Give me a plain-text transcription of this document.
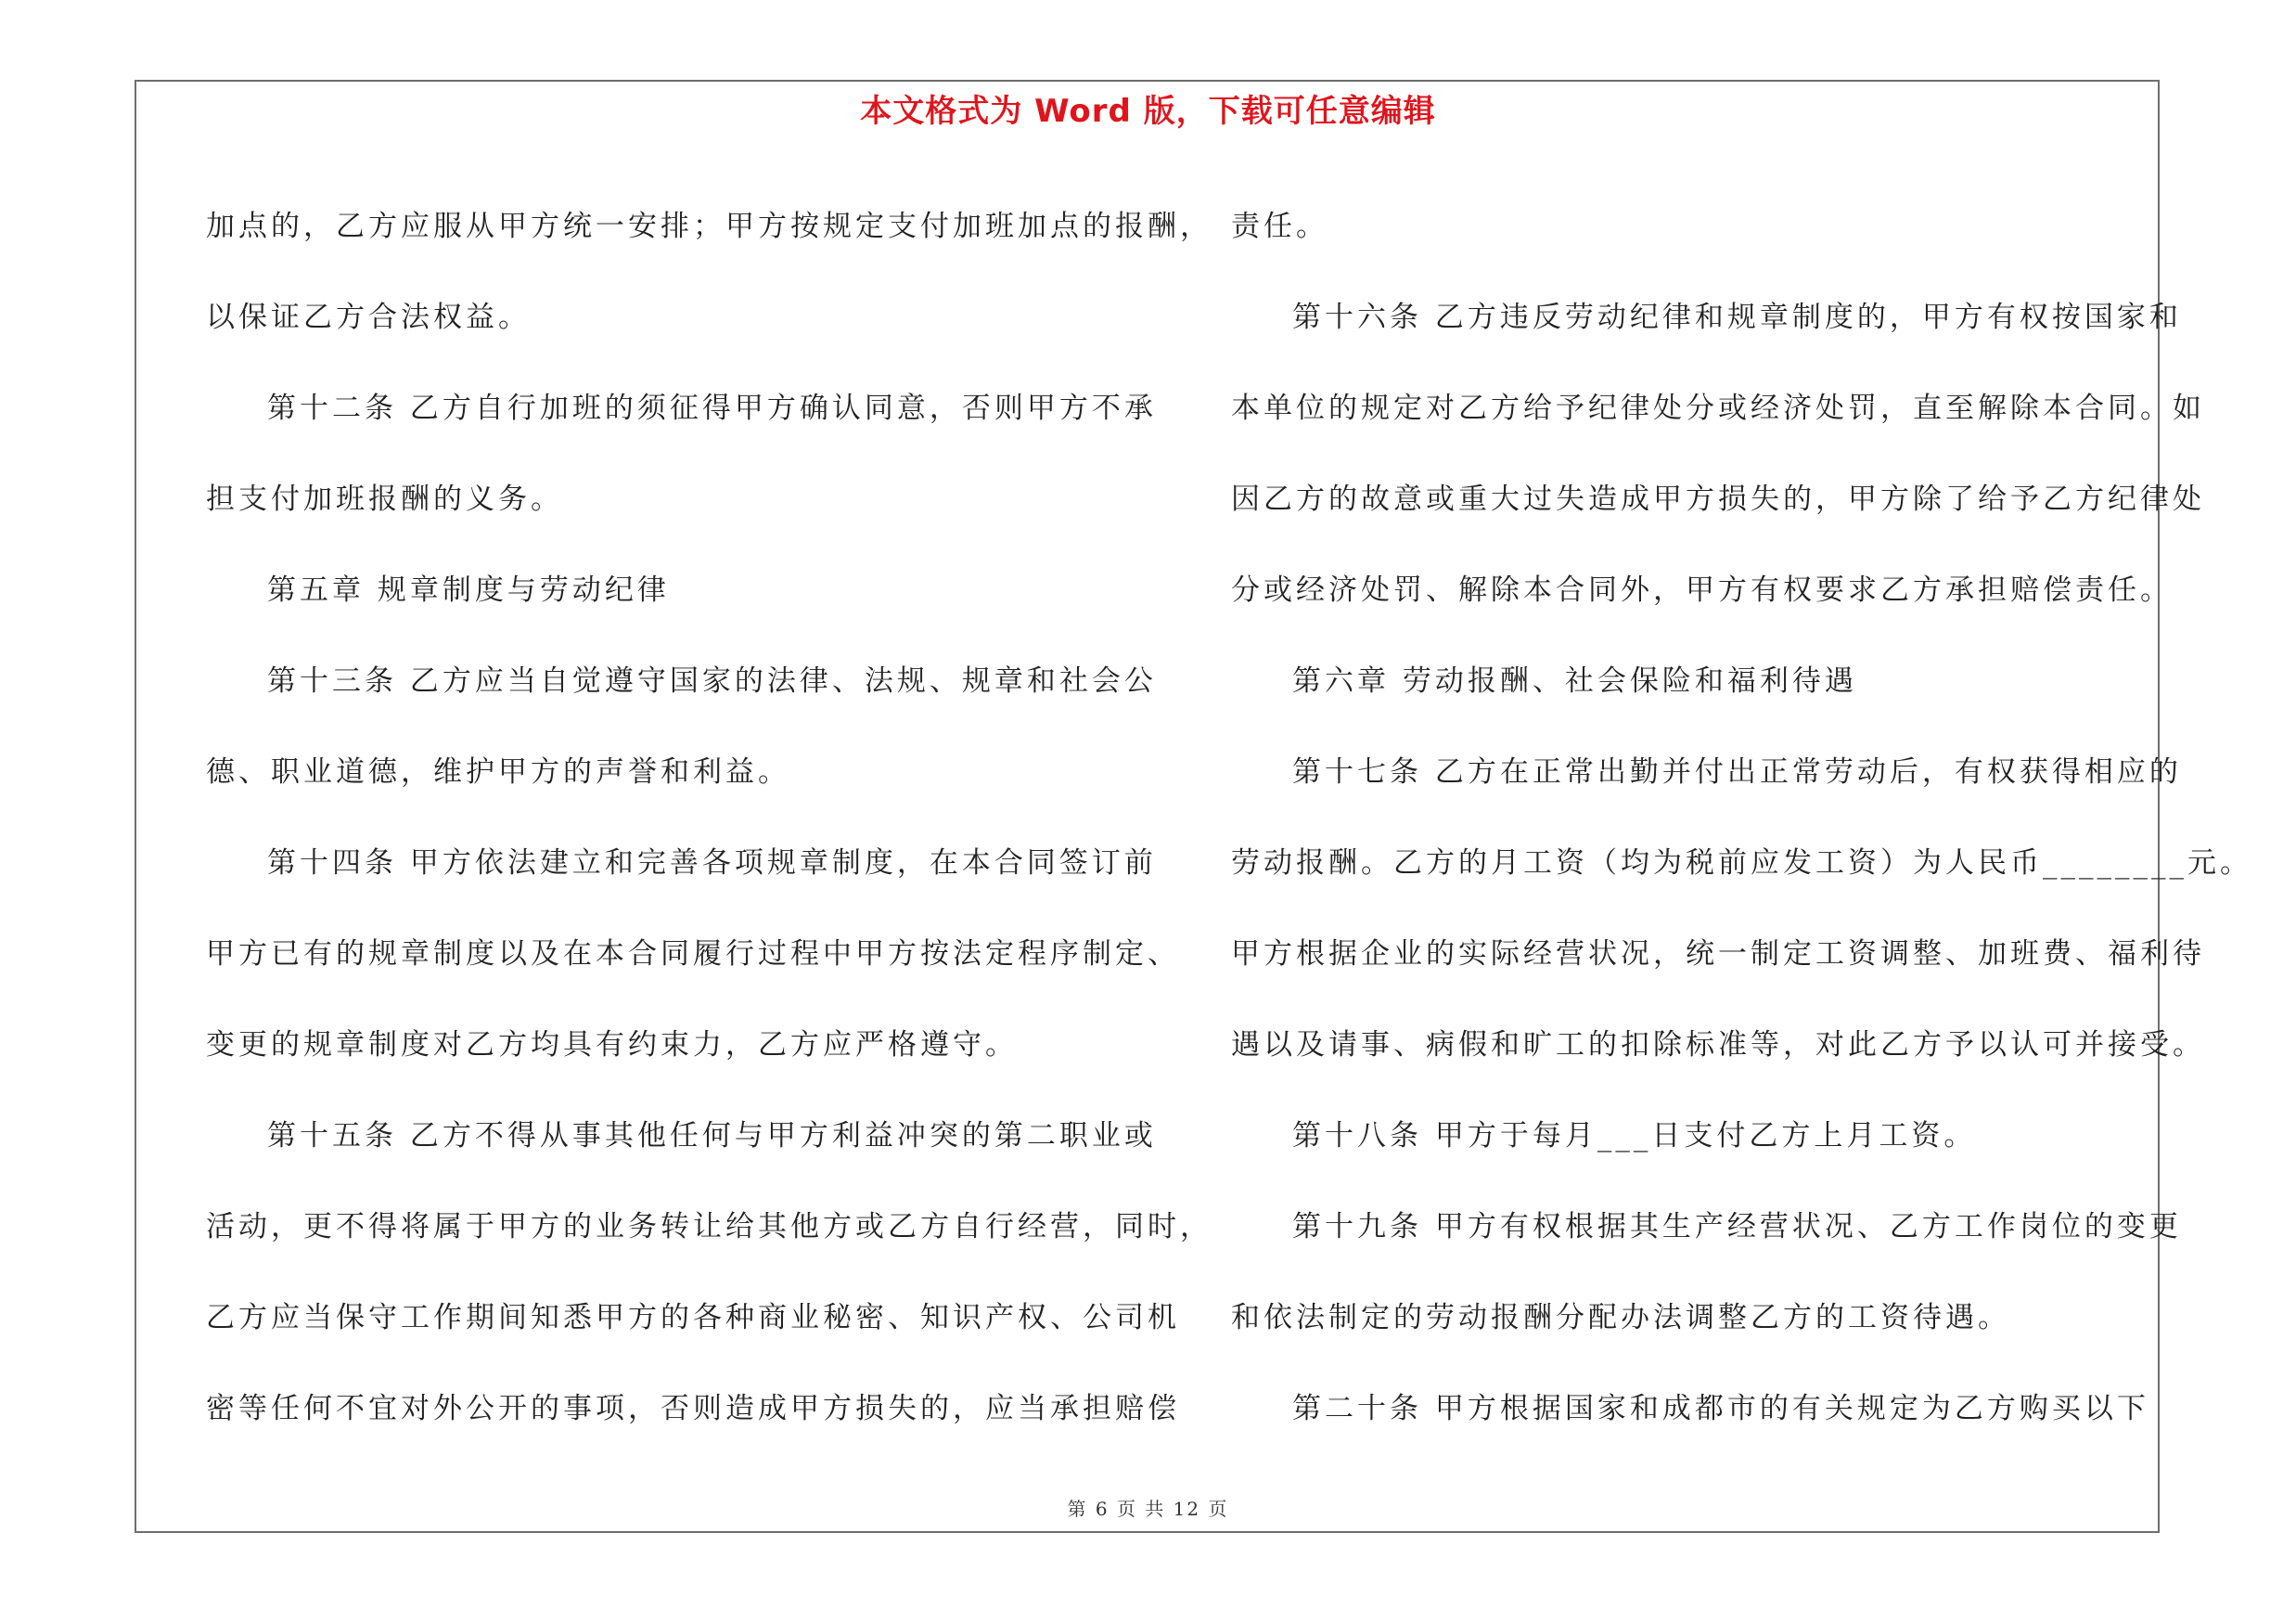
本文格式为 Word 版，下载可任意编辑
加点的，乙方应服从甲方统一安排；甲方按规定支付加班加点的报酬，
以保证乙方合法权益。
第十二条 乙方自行加班的须征得甲方确认同意，否则甲方不承
担支付加班报酬的义务。
第五章 规章制度与劳动纪律
第十三条 乙方应当自觉遵守国家的法律、法规、规章和社会公
德、职业道德，维护甲方的声誉和利益。
第十四条 甲方依法建立和完善各项规章制度，在本合同签订前
甲方已有的规章制度以及在本合同履行过程中甲方按法定程序制定、
变更的规章制度对乙方均具有约束力，乙方应严格遵守。
第十五条 乙方不得从事其他任何与甲方利益冲突的第二职业或
活动，更不得将属于甲方的业务转让给其他方或乙方自行经营，同时，
乙方应当保守工作期间知悉甲方的各种商业秘密、知识产权、公司机
密等任何不宜对外公开的事项，否则造成甲方损失的，应当承担赔偿
责任。
第十六条 乙方违反劳动纪律和规章制度的，甲方有权按国家和
本单位的规定对乙方给予纪律处分或经济处罚，直至解除本合同。如
因乙方的故意或重大过失造成甲方损失的，甲方除了给予乙方纪律处
分或经济处罚、解除本合同外，甲方有权要求乙方承担赔偿责任。
第六章 劳动报酬、社会保险和福利待遇
第十七条 乙方在正常出勤并付出正常劳动后，有权获得相应的
劳动报酬。乙方的月工资（均为税前应发工资）为人民币________元。
甲方根据企业的实际经营状况，统一制定工资调整、加班费、福利待
遇以及请事、病假和旷工的扣除标准等，对此乙方予以认可并接受。
第十八条 甲方于每月___日支付乙方上月工资。
第十九条 甲方有权根据其生产经营状况、乙方工作岗位的变更
和依法制定的劳动报酬分配办法调整乙方的工资待遇。
第二十条 甲方根据国家和成都市的有关规定为乙方购买以下
第 6 页 共 12 页
